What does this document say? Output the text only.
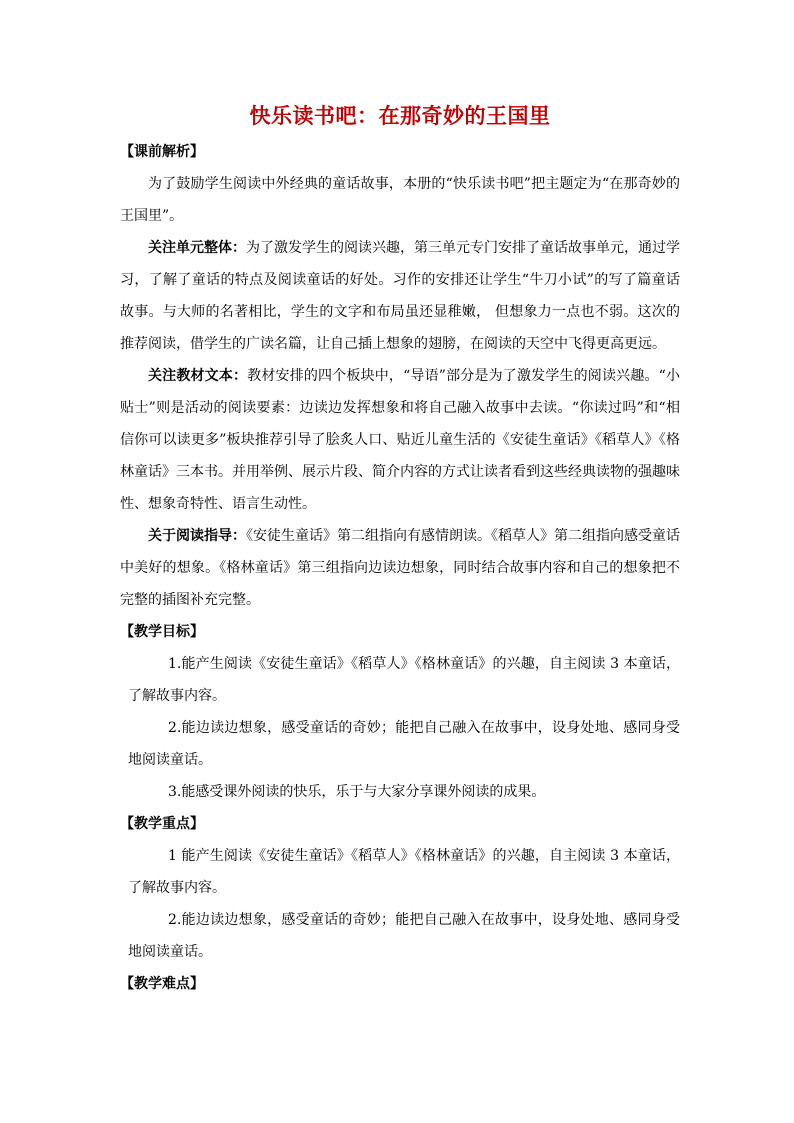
快乐读书吧：在那奇妙的王国里
【课前解析】

为了鼓励学生阅读中外经典的童话故事，本册的“快乐读书吧”把主题定为“在那奇妙的王国里”。

关注单元整体：为了激发学生的阅读兴趣，第三单元专门安排了童话故事单元，通过学习，了解了童话的特点及阅读童话的好处。习作的安排还让学生“牛刀小试”的写了篇童话故事。与大师的名著相比，学生的文字和布局虽还显稚嫩， 但想象力一点也不弱。这次的推荐阅读，借学生的广读名篇，让自己插上想象的翅膀，在阅读的天空中飞得更高更远。

关注教材文本：教材安排的四个板块中，“导语”部分是为了激发学生的阅读兴趣。“小贴士”则是活动的阅读要素：边读边发挥想象和将自己融入故事中去读。“你读过吗”和“相信你可以读更多”板块推荐引导了脍炙人口、贴近儿童生活的《安徒生童话》《稻草人》《格林童话》三本书。并用举例、展示片段、简介内容的方式让读者看到这些经典读物的强趣味性、想象奇特性、语言生动性。

关于阅读指导：《安徒生童话》第二组指向有感情朗读。《稻草人》第二组指向感受童话中美好的想象。《格林童话》第三组指向边读边想象，同时结合故事内容和自己的想象把不完整的插图补充完整。

【教学目标】

1.能产生阅读《安徒生童话》《稻草人》《格林童话》的兴趣，自主阅读 3 本童话，了解故事内容。

2.能边读边想象，感受童话的奇妙；能把自己融入在故事中，设身处地、感同身受地阅读童话。

3.能感受课外阅读的快乐，乐于与大家分享课外阅读的成果。

【教学重点】

1 能产生阅读《安徒生童话》《稻草人》《格林童话》的兴趣，自主阅读 3 本童话，了解故事内容。

2.能边读边想象，感受童话的奇妙；能把自己融入在故事中，设身处地、感同身受地阅读童话。

【教学难点】
